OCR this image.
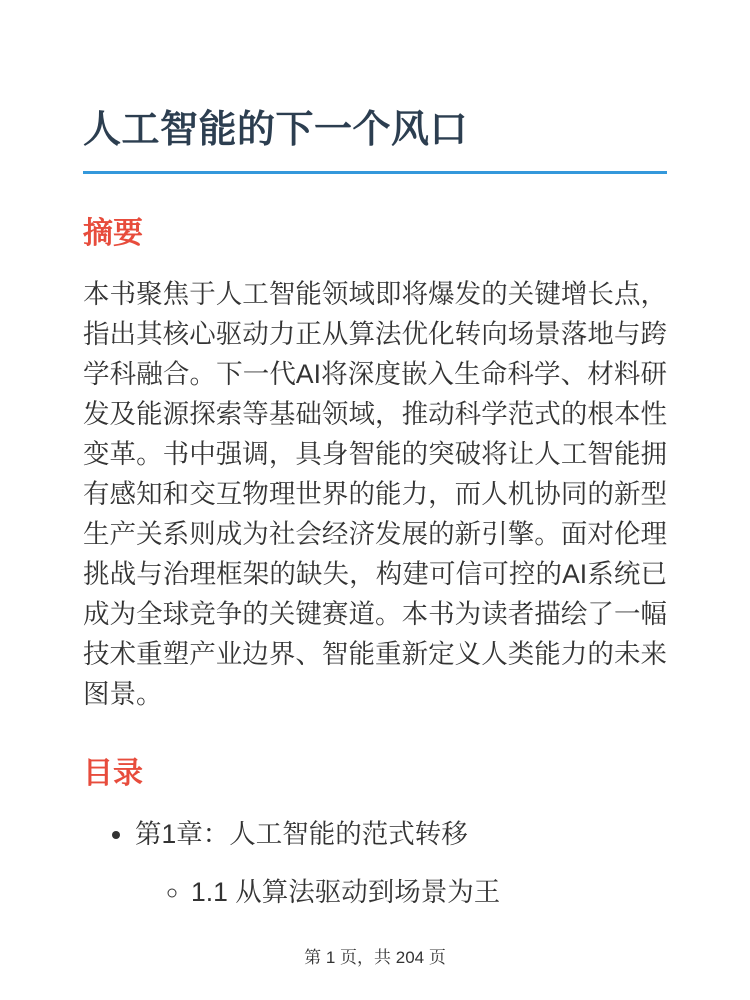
人工智能的下一个风口
摘要

本书聚焦于人工智能领域即将爆发的关键增长点，指出其核心驱动力正从算法优化转向场景落地与跨学科融合。下一代AI将深度嵌入生命科学、材料研发及能源探索等基础领域，推动科学范式的根本性变革。书中强调，具身智能的突破将让人工智能拥有感知和交互物理世界的能力，而人机协同的新型生产关系则成为社会经济发展的新引擎。面对伦理挑战与治理框架的缺失，构建可信可控的AI系统已成为全球竞争的关键赛道。本书为读者描绘了一幅技术重塑产业边界、智能重新定义人类能力的未来图景。

目录
• 第1章：人工智能的范式转移
◦ 1.1 从算法驱动到场景为王
第 1 页，共 204 页
